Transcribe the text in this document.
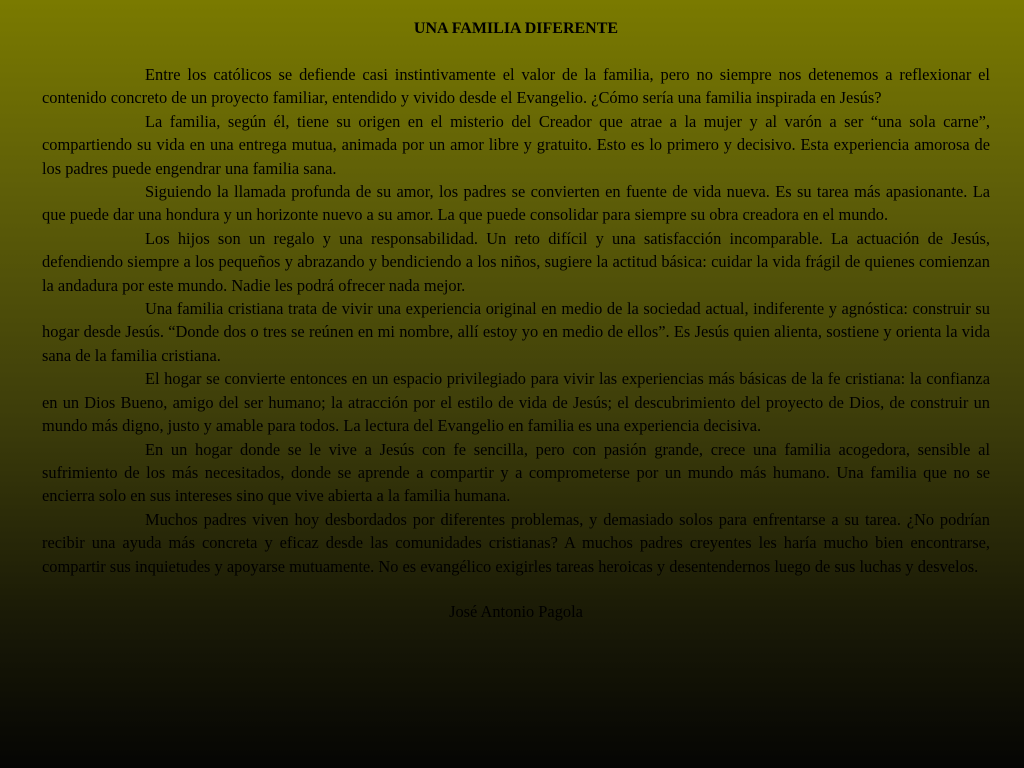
UNA FAMILIA DIFERENTE

Entre los católicos se defiende casi instintivamente el valor de la familia, pero no siempre nos detenemos a reflexionar el contenido concreto de un proyecto familiar, entendido y vivido desde el Evangelio. ¿Cómo sería una familia inspirada en Jesús?

La familia, según él, tiene su origen en el misterio del Creador que atrae a la mujer y al varón a ser “una sola carne”, compartiendo su vida en una entrega mutua, animada por un amor libre y gratuito. Esto es lo primero y decisivo. Esta experiencia amorosa de los padres puede engendrar una familia sana.

Siguiendo la llamada profunda de su amor, los padres se convierten en fuente de vida nueva. Es su tarea más apasionante. La que puede dar una hondura y un horizonte nuevo a su amor. La que puede consolidar para siempre su obra creadora en el mundo.

Los hijos son un regalo y una responsabilidad. Un reto difícil y una satisfacción incomparable. La actuación de Jesús, defendiendo siempre a los pequeños y abrazando y bendiciendo a los niños, sugiere la actitud básica: cuidar la vida frágil de quienes comienzan la andadura por este mundo. Nadie les podrá ofrecer nada mejor.

Una familia cristiana trata de vivir una experiencia original en medio de la sociedad actual, indiferente y agnóstica: construir su hogar desde Jesús. “Donde dos o tres se reúnen en mi nombre, allí estoy yo en medio de ellos”. Es Jesús quien alienta, sostiene y orienta la vida sana de la familia cristiana.

El hogar se convierte entonces en un espacio privilegiado para vivir las experiencias más básicas de la fe cristiana: la confianza en un Dios Bueno, amigo del ser humano; la atracción por el estilo de vida de Jesús; el descubrimiento del proyecto de Dios, de construir un mundo más digno, justo y amable para todos. La lectura del Evangelio en familia es una experiencia decisiva.

En un hogar donde se le vive a Jesús con fe sencilla, pero con pasión grande, crece una familia acogedora, sensible al sufrimiento de los más necesitados, donde se aprende a compartir y a comprometerse por un mundo más humano. Una familia que no se encierra solo en sus intereses sino que vive abierta a la familia humana.

Muchos padres viven hoy desbordados por diferentes problemas, y demasiado solos para enfrentarse a su tarea. ¿No podrían recibir una ayuda más concreta y eficaz desde las comunidades cristianas? A muchos padres creyentes les haría mucho bien encontrarse, compartir sus inquietudes y apoyarse mutuamente. No es evangélico exigirles tareas heroicas y desentendernos luego de sus luchas y desvelos.

José Antonio Pagola
